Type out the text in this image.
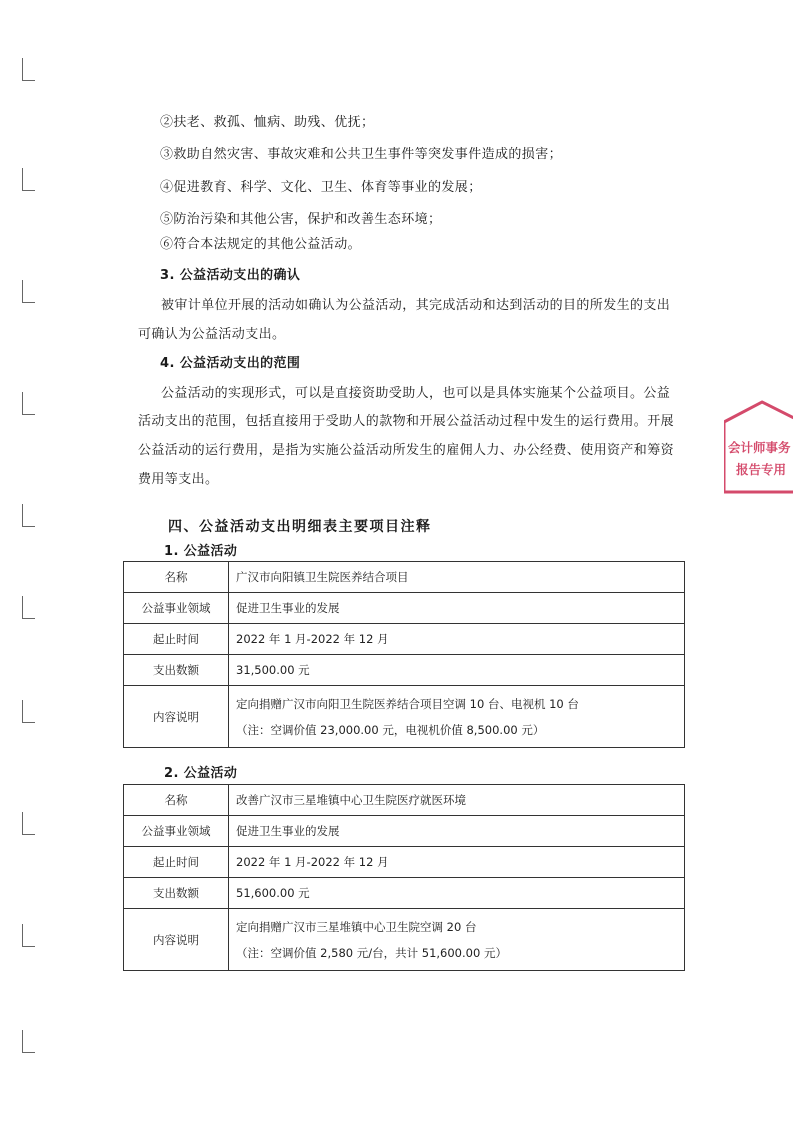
②扶老、救孤、恤病、助残、优抚；
③救助自然灾害、事故灾难和公共卫生事件等突发事件造成的损害；
④促进教育、科学、文化、卫生、体育等事业的发展；
⑤防治污染和其他公害，保护和改善生态环境；
⑥符合本法规定的其他公益活动。
3. 公益活动支出的确认
被审计单位开展的活动如确认为公益活动，其完成活动和达到活动的目的所发生的支出
可确认为公益活动支出。
4. 公益活动支出的范围
公益活动的实现形式，可以是直接资助受助人，也可以是具体实施某个公益项目。公益
活动支出的范围，包括直接用于受助人的款物和开展公益活动过程中发生的运行费用。开展
公益活动的运行费用，是指为实施公益活动所发生的雇佣人力、办公经费、使用资产和筹资
费用等支出。
四、公益活动支出明细表主要项目注释
1. 公益活动
名称	广汉市向阳镇卫生院医养结合项目
公益事业领域	促进卫生事业的发展
起止时间	2022 年 1 月-2022 年 12 月
支出数额	31,500.00 元
内容说明	定向捐赠广汉市向阳卫生院医养结合项目空调 10 台、电视机 10 台
（注：空调价值 23,000.00 元，电视机价值 8,500.00 元）
2. 公益活动
名称	改善广汉市三星堆镇中心卫生院医疗就医环境
公益事业领域	促进卫生事业的发展
起止时间	2022 年 1 月-2022 年 12 月
支出数额	51,600.00 元
内容说明	定向捐赠广汉市三星堆镇中心卫生院空调 20 台
（注：空调价值 2,580 元/台，共计 51,600.00 元）
会计师事务
报告专用
